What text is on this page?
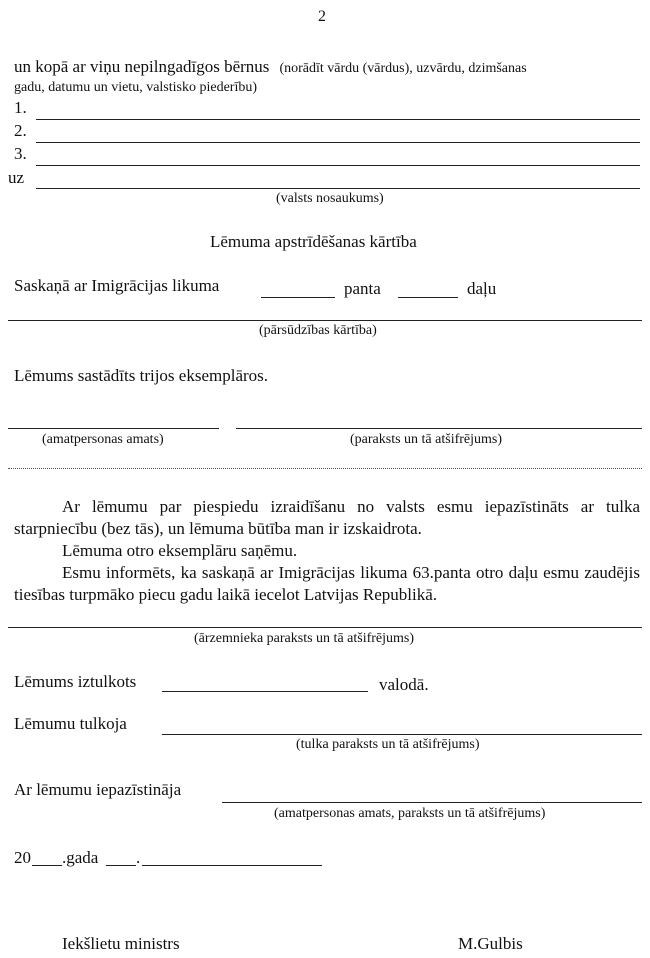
2
un kopā ar viņu nepilngadīgos bērnus (norādīt vārdu (vārdus), uzvārdu, dzimšanas
gadu, datumu un vietu, valstisko piederību)
1.
2.
3.
uz
(valsts nosaukums)
Lēmuma apstrīdēšanas kārtība
Saskaņā ar Imigrācijas likuma	panta	daļu
(pārsūdzības kārtība)
Lēmums sastādīts trijos eksemplāros.
(amatpersonas amats)	(paraksts un tā atšifrējums)
Ar lēmumu par piespiedu izraidīšanu no valsts esmu iepazīstināts ar tulka starpniecību (bez tās), un lēmuma būtība man ir izskaidrota.
Lēmuma otro eksemplāru saņēmu.
Esmu informēts, ka saskaņā ar Imigrācijas likuma 63.panta otro daļu esmu zaudējis tiesības turpmāko piecu gadu laikā iecelot Latvijas Republikā.
(ārzemnieka paraksts un tā atšifrējums)
Lēmums iztulkots	valodā.
Lēmumu tulkoja
(tulka paraksts un tā atšifrējums)
Ar lēmumu iepazīstināja
(amatpersonas amats, paraksts un tā atšifrējums)
20 .gada .
Iekšlietu ministrs	M.Gulbis
